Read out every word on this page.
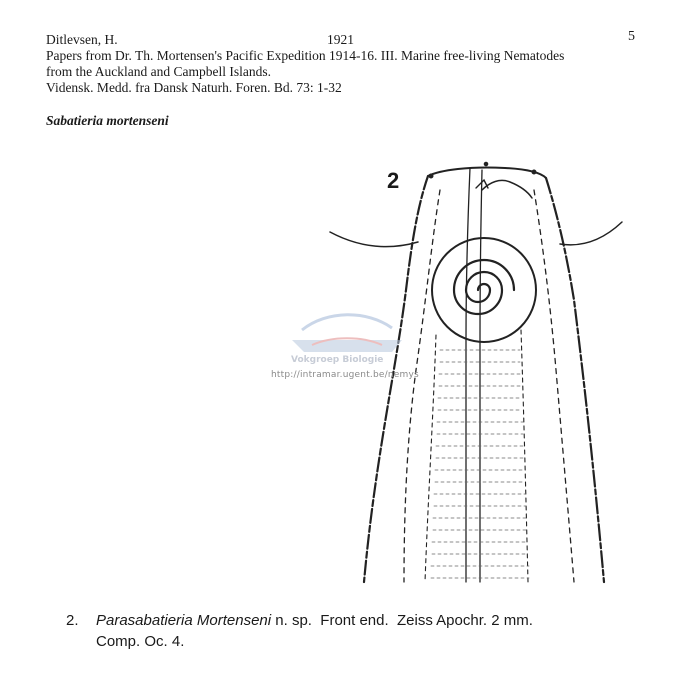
Ditlevsen, H.	1921	5
Papers from Dr. Th. Mortensen's Pacific Expedition 1914-16. III. Marine free-living Nematodes
from the Auckland and Campbell Islands.
Vidensk. Medd. fra Dansk Naturh. Foren. Bd. 73: 1-32
Sabatieria mortenseni
2
Vokgroep Biologie
http://intramar.ugent.be/nemys
2. Parasabatieria Mortenseni n. sp.  Front end.  Zeiss Apochr. 2 mm.
Comp. Oc. 4.
